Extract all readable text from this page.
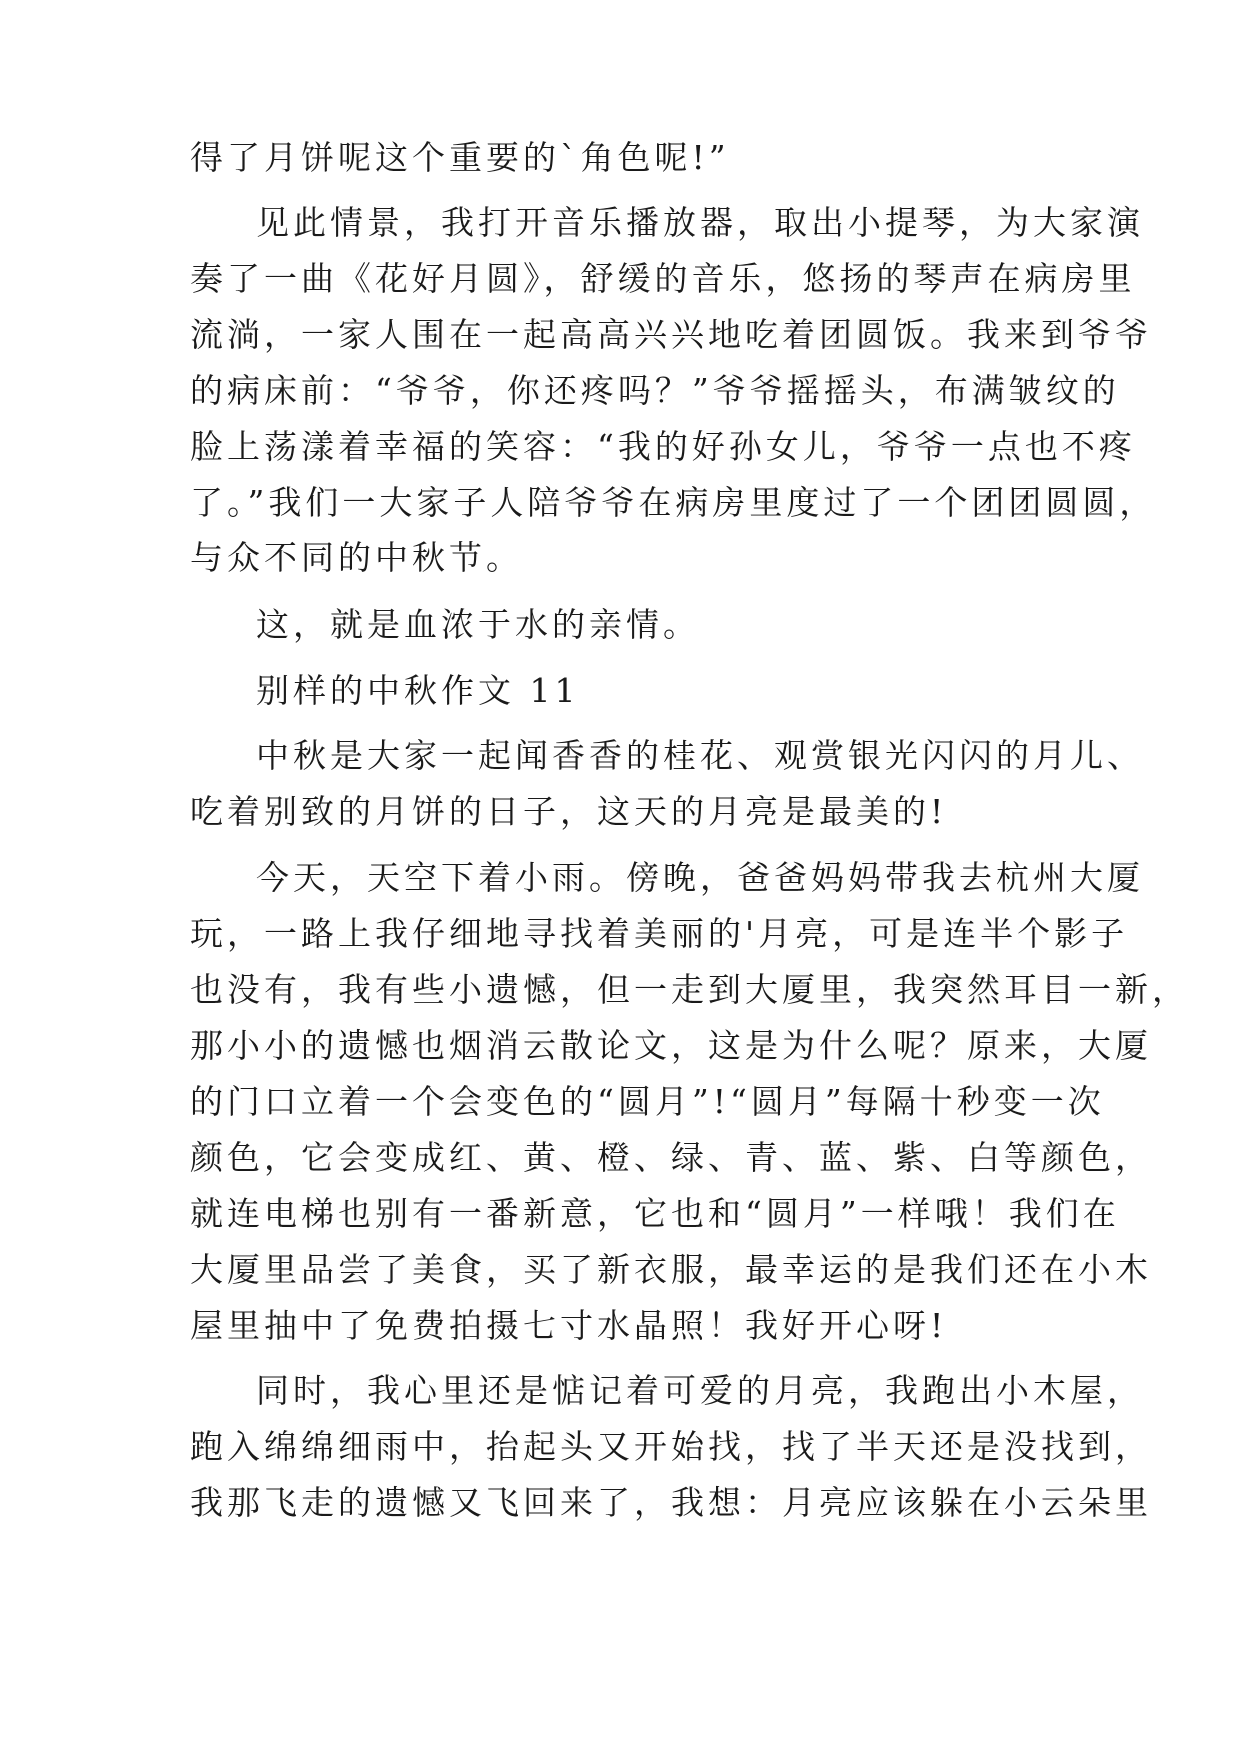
得了月饼呢这个重要的`角色呢!”
见此情景，我打开音乐播放器，取出小提琴，为大家演
奏了一曲《花好月圆》，舒缓的音乐，悠扬的琴声在病房里
流淌，一家人围在一起高高兴兴地吃着团圆饭。我来到爷爷
的病床前：“爷爷，你还疼吗？”爷爷摇摇头，布满皱纹的
脸上荡漾着幸福的笑容：“我的好孙女儿，爷爷一点也不疼
了。”我们一大家子人陪爷爷在病房里度过了一个团团圆圆，
与众不同的中秋节。
这，就是血浓于水的亲情。
别样的中秋作文 11
中秋是大家一起闻香香的桂花、观赏银光闪闪的月儿、
吃着别致的月饼的日子，这天的月亮是最美的!
今天，天空下着小雨。傍晚，爸爸妈妈带我去杭州大厦
玩，一路上我仔细地寻找着美丽的'月亮，可是连半个影子
也没有，我有些小遗憾，但一走到大厦里，我突然耳目一新，
那小小的遗憾也烟消云散论文，这是为什么呢？原来，大厦
的门口立着一个会变色的“圆月”!“圆月”每隔十秒变一次
颜色，它会变成红、黄、橙、绿、青、蓝、紫、白等颜色，
就连电梯也别有一番新意，它也和“圆月”一样哦！我们在
大厦里品尝了美食，买了新衣服，最幸运的是我们还在小木
屋里抽中了免费拍摄七寸水晶照！我好开心呀!
同时，我心里还是惦记着可爱的月亮，我跑出小木屋，
跑入绵绵细雨中，抬起头又开始找，找了半天还是没找到，
我那飞走的遗憾又飞回来了，我想：月亮应该躲在小云朵里
